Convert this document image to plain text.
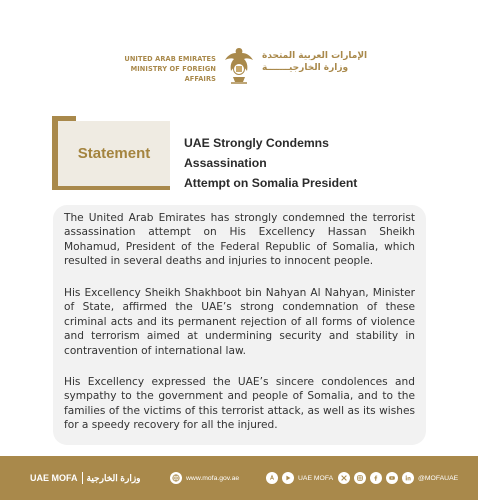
UNITED ARAB EMIRATES
MINISTRY OF FOREIGN AFFAIRS
الإمارات العربية المتحدة
وزارة الخارجيـــــــة
Statement
UAE Strongly Condemns Assassination
Attempt on Somalia President

The United Arab Emirates has strongly condemned the terrorist assassination attempt on His Excellency Hassan Sheikh Mohamud, President of the Federal Republic of Somalia, which resulted in several deaths and injuries to innocent people.

His Excellency Sheikh Shakhboot bin Nahyan Al Nahyan, Minister of State, affirmed the UAE’s strong condemnation of these criminal acts and its permanent rejection of all forms of violence and terrorism aimed at undermining security and stability in contravention of international law.

His Excellency expressed the UAE’s sincere condolences and sympathy to the government and people of Somalia, and to the families of the victims of this terrorist attack, as well as its wishes for a speedy recovery for all the injured.

UAE MOFA وزارة الخارجية	www.mofa.gov.ae	UAE MOFA	@MOFAUAE
